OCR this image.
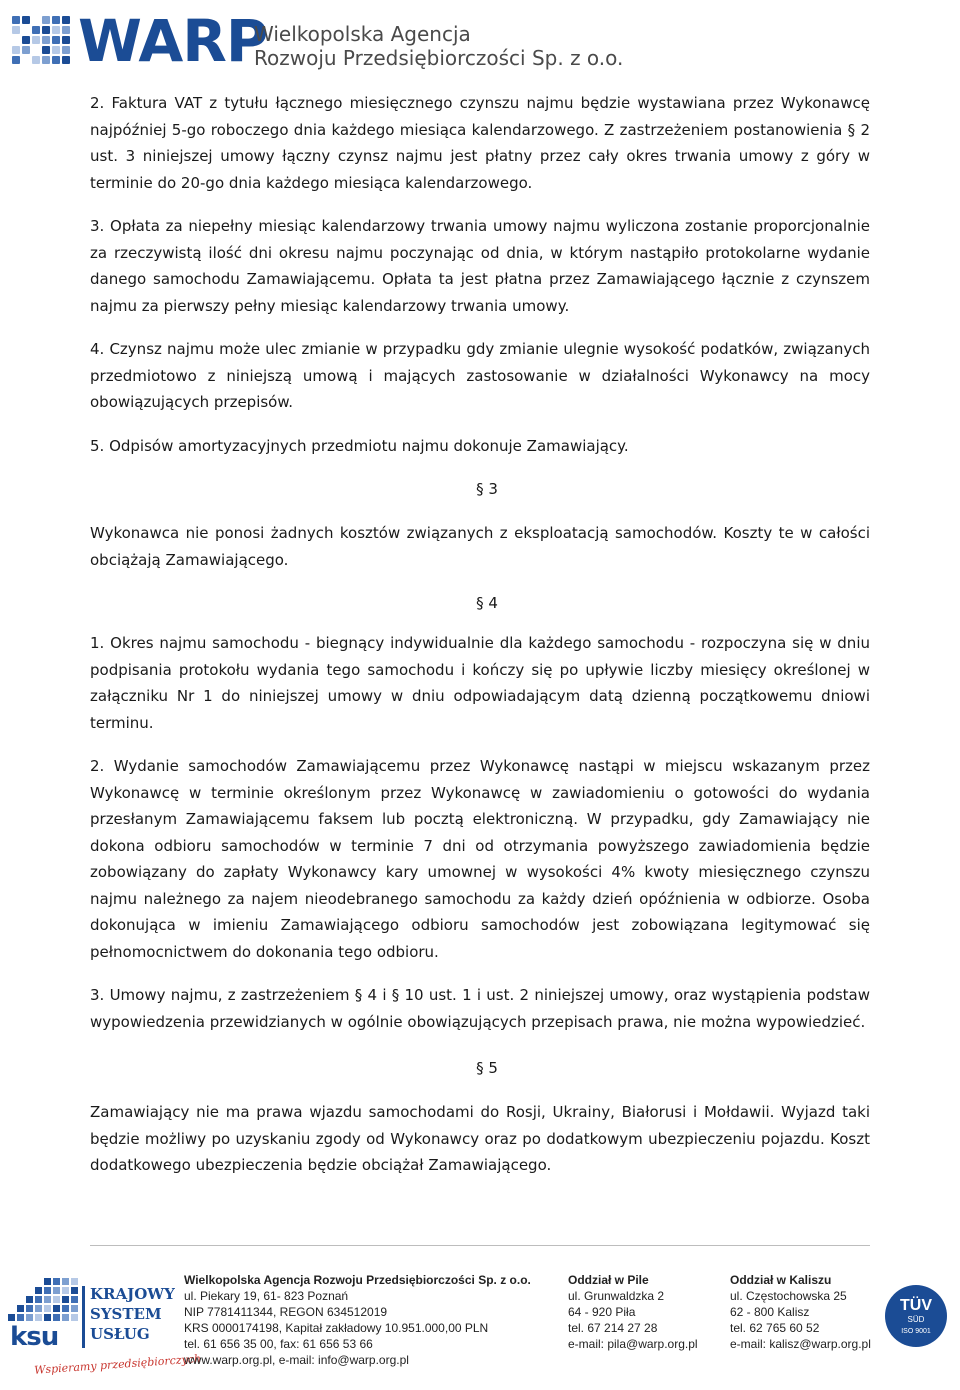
WARP
Wielkopolska Agencja
Rozwoju Przedsiębiorczości Sp. z o.o.

2. Faktura VAT z tytułu łącznego miesięcznego czynszu najmu będzie wystawiana przez Wykonawcę najpóźniej 5-go roboczego dnia każdego miesiąca kalendarzowego. Z zastrzeżeniem postanowienia § 2 ust. 3 niniejszej umowy łączny czynsz najmu jest płatny przez cały okres trwania umowy z góry w terminie do 20-go dnia każdego miesiąca kalendarzowego.

3. Opłata za niepełny miesiąc kalendarzowy trwania umowy najmu wyliczona zostanie proporcjonalnie za rzeczywistą ilość dni okresu najmu poczynając od dnia, w którym nastąpiło protokolarne wydanie danego samochodu Zamawiającemu. Opłata ta jest płatna przez Zamawiającego łącznie z czynszem najmu za pierwszy pełny miesiąc kalendarzowy trwania umowy.

4. Czynsz najmu może ulec zmianie w przypadku gdy zmianie ulegnie wysokość podatków, związanych przedmiotowo z niniejszą umową i mających zastosowanie w działalności Wykonawcy na mocy obowiązujących przepisów.

5. Odpisów amortyzacyjnych przedmiotu najmu dokonuje Zamawiający.

§ 3

Wykonawca nie ponosi żadnych kosztów związanych z eksploatacją samochodów. Koszty te w całości obciążają Zamawiającego.

§ 4

1. Okres najmu samochodu - biegnący indywidualnie dla każdego samochodu - rozpoczyna się w dniu podpisania protokołu wydania tego samochodu i kończy się po upływie liczby miesięcy określonej w załączniku Nr 1 do niniejszej umowy w dniu odpowiadającym datą dzienną początkowemu dniowi terminu.

2. Wydanie samochodów Zamawiającemu przez Wykonawcę nastąpi w miejscu wskazanym przez Wykonawcę w terminie określonym przez Wykonawcę w zawiadomieniu o gotowości do wydania przesłanym Zamawiającemu faksem lub pocztą elektroniczną. W przypadku, gdy Zamawiający nie dokona odbioru samochodów w terminie 7 dni od otrzymania powyższego zawiadomienia będzie zobowiązany do zapłaty Wykonawcy kary umownej w wysokości 4% kwoty miesięcznego czynszu najmu należnego za najem nieodebranego samochodu za każdy dzień opóźnienia w odbiorze. Osoba dokonująca w imieniu Zamawiającego odbioru samochodów jest zobowiązana legitymować się pełnomocnictwem do dokonania tego odbioru.

3. Umowy najmu, z zastrzeżeniem § 4 i § 10 ust. 1 i ust. 2 niniejszej umowy, oraz wystąpienia podstaw wypowiedzenia przewidzianych w ogólnie obowiązujących przepisach prawa, nie można wypowiedzieć.

§ 5

Zamawiający nie ma prawa wjazdu samochodami do Rosji, Ukrainy, Białorusi i Mołdawii. Wyjazd taki będzie możliwy po uzyskaniu zgody od Wykonawcy oraz po dodatkowym ubezpieczeniu pojazdu. Koszt dodatkowego ubezpieczenia będzie obciążał Zamawiającego.

ksu
KRAJOWY
SYSTEM
USŁUG
Wspieramy przedsiębiorczych
Wielkopolska Agencja Rozwoju Przedsiębiorczości Sp. z o.o.
ul. Piekary 19, 61- 823 Poznań
NIP 7781411344, REGON 634512019
KRS 0000174198, Kapitał zakładowy 10.951.000,00 PLN
tel. 61 656 35 00, fax: 61 656 53 66
www.warp.org.pl, e-mail: info@warp.org.pl
Oddział w Pile
ul. Grunwaldzka 2
64 - 920 Piła
tel. 67 214 27 28
e-mail: pila@warp.org.pl
Oddział w Kaliszu
ul. Częstochowska 25
62 - 800 Kalisz
tel. 62 765 60 52
e-mail: kalisz@warp.org.pl
TÜV
SÜD
ISO 9001
